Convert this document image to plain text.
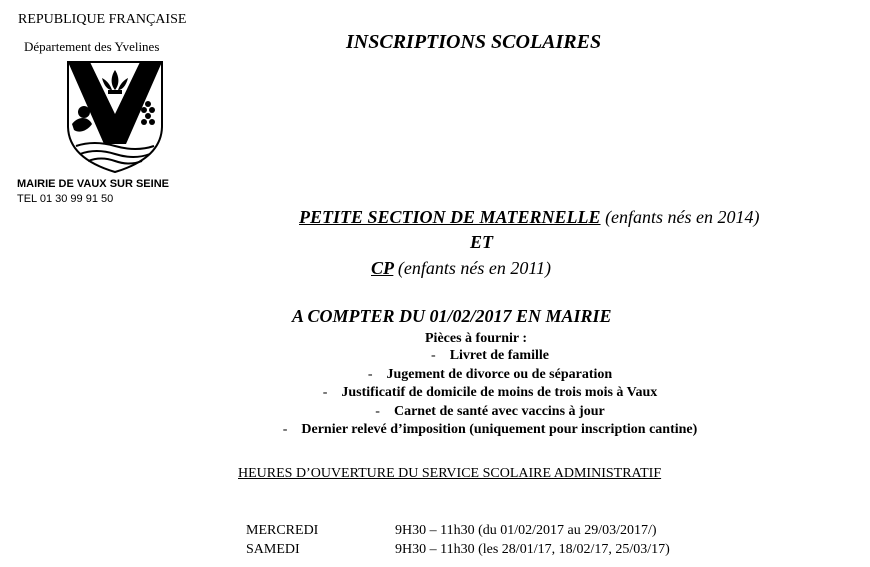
REPUBLIQUE FRANÇAISE
Département des Yvelines
MAIRIE DE VAUX SUR SEINE
TEL 01 30 99 91 50
INSCRIPTIONS SCOLAIRES
PETITE SECTION DE MATERNELLE (enfants nés en 2014)
ET
CP (enfants nés en 2011)
A COMPTER DU 01/02/2017 EN MAIRIE
Pièces à fournir :
- Livret de famille
- Jugement de divorce ou de séparation
- Justificatif de domicile de moins de trois mois à Vaux
- Carnet de santé avec vaccins à jour
- Dernier relevé d’imposition (uniquement pour inscription cantine)
HEURES D’OUVERTURE DU SERVICE SCOLAIRE ADMINISTRATIF
MERCREDI	9H30 – 11h30 (du 01/02/2017 au 29/03/2017/)
SAMEDI	9H30 – 11h30 (les 28/01/17, 18/02/17, 25/03/17)
